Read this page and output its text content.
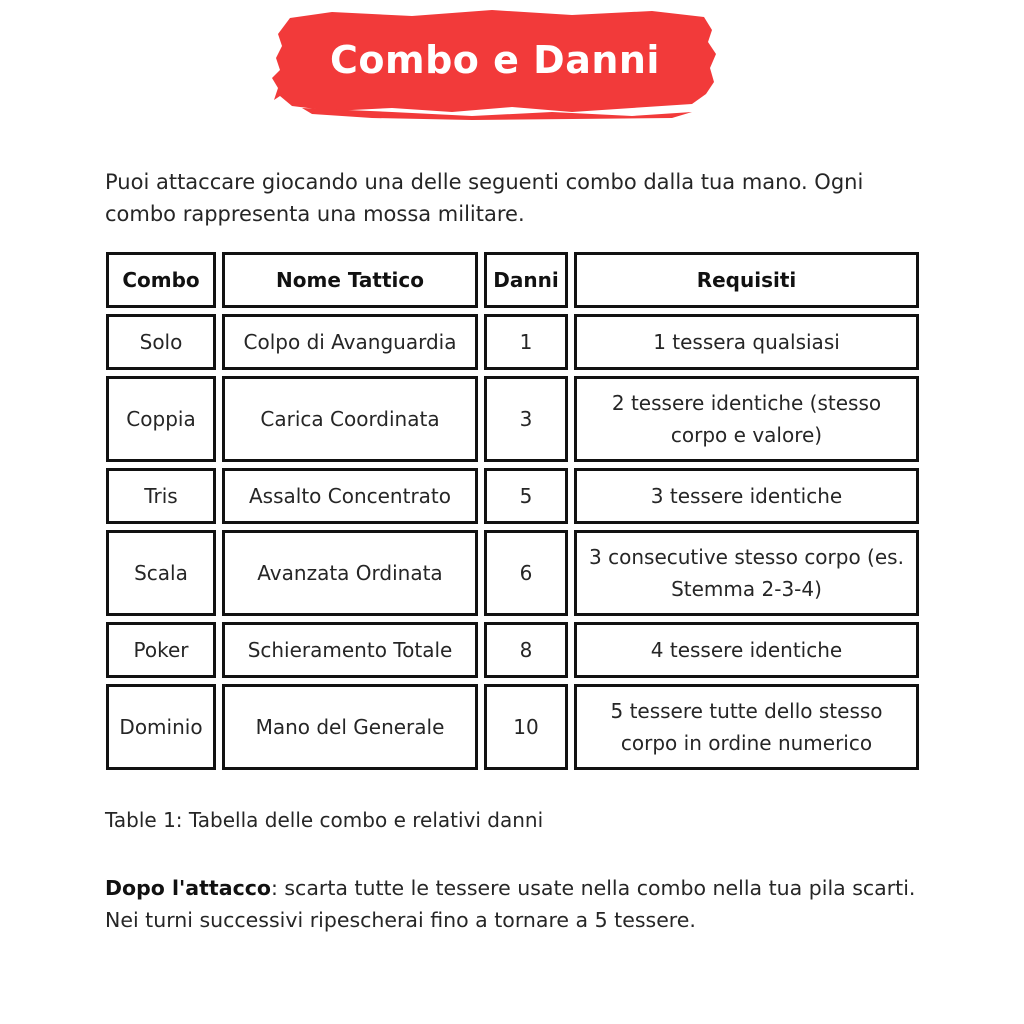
Combo e Danni
Puoi attaccare giocando una delle seguenti combo dalla tua mano. Ogni combo rappresenta una mossa militare.
Combo	Nome Tattico	Danni	Requisiti
Solo	Colpo di Avanguardia	1	1 tessera qualsiasi
Coppia	Carica Coordinata	3	2 tessere identiche (stesso corpo e valore)
Tris	Assalto Concentrato	5	3 tessere identiche
Scala	Avanzata Ordinata	6	3 consecutive stesso corpo (es. Stemma 2-3-4)
Poker	Schieramento Totale	8	4 tessere identiche
Dominio	Mano del Generale	10	5 tessere tutte dello stesso corpo in ordine numerico
Table 1: Tabella delle combo e relativi danni
Dopo l'attacco: scarta tutte le tessere usate nella combo nella tua pila scarti. Nei turni successivi ripescherai fino a tornare a 5 tessere.
